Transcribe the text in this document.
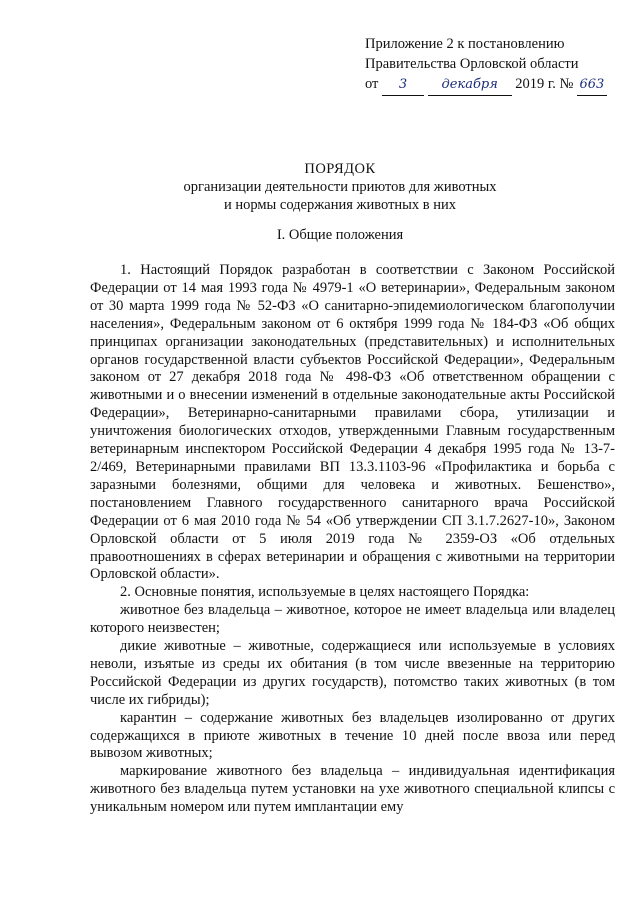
Приложение 2 к постановлению
Правительства Орловской области
от 3	декабря 2019 г. № 663
ПОРЯДОК
организации деятельности приютов для животных
и нормы содержания животных в них
I. Общие положения

1. Настоящий Порядок разработан в соответствии с Законом Российской Федерации от 14 мая 1993 года № 4979-1 «О ветеринарии», Федеральным законом от 30 марта 1999 года № 52-ФЗ «О санитарно-эпидемиологическом благополучии населения», Федеральным законом от 6 октября 1999 года № 184-ФЗ «Об общих принципах организации законодательных (представительных) и исполнительных органов государственной власти субъектов Российской Федерации», Федеральным законом от 27 декабря 2018 года № 498-ФЗ «Об ответственном обращении с животными и о внесении изменений в отдельные законодательные акты Российской Федерации», Ветеринарно-санитарными правилами сбора, утилизации и уничтожения биологических отходов, утвержденными Главным государственным ветеринарным инспектором Российской Федерации 4 декабря 1995 года № 13-7-2/469, Ветеринарными правилами ВП 13.3.1103-96 «Профилактика и борьба с заразными болезнями, общими для человека и животных. Бешенство», постановлением Главного государственного санитарного врача Российской Федерации от 6 мая 2010 года № 54 «Об утверждении СП 3.1.7.2627-10», Законом Орловской области от 5 июля 2019 года № 2359-ОЗ «Об отдельных правоотношениях в сферах ветеринарии и обращения с животными на территории Орловской области».

2. Основные понятия, используемые в целях настоящего Порядка:

животное без владельца – животное, которое не имеет владельца или владелец которого неизвестен;

дикие животные – животные, содержащиеся или используемые в условиях неволи, изъятые из среды их обитания (в том числе ввезенные на территорию Российской Федерации из других государств), потомство таких животных (в том числе их гибриды);

карантин – содержание животных без владельцев изолированно от других содержащихся в приюте животных в течение 10 дней после ввоза или перед вывозом животных;

маркирование животного без владельца – индивидуальная идентификация животного без владельца путем установки на ухе животного специальной клипсы с уникальным номером или путем имплантации ему
